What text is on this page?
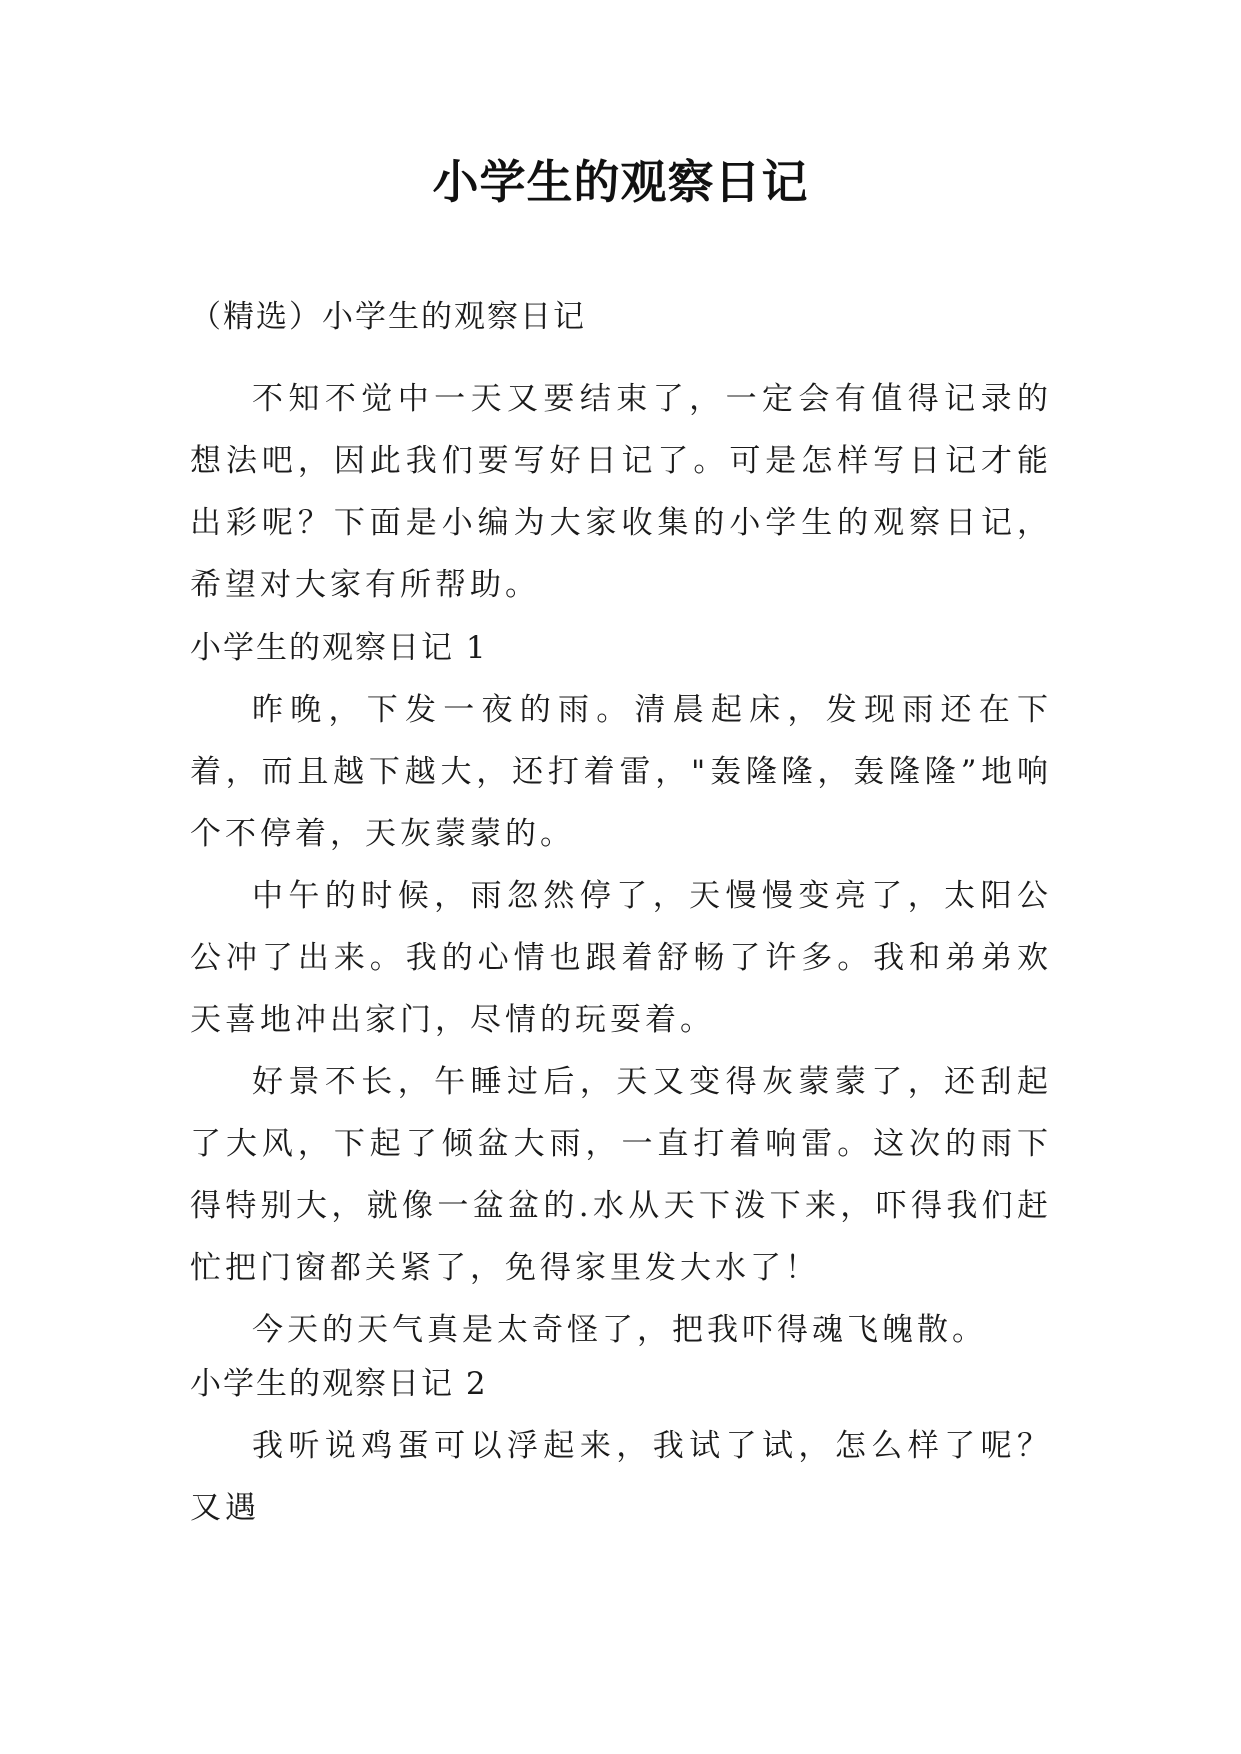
小学生的观察日记
（精选）小学生的观察日记

不知不觉中一天又要结束了，一定会有值得记录的想法吧，因此我们要写好日记了。可是怎样写日记才能出彩呢？下面是小编为大家收集的小学生的观察日记，希望对大家有所帮助。

小学生的观察日记 1

昨晚，下发一夜的雨。清晨起床，发现雨还在下着，而且越下越大，还打着雷，"轰隆隆，轰隆隆”地响个不停着，天灰蒙蒙的。

中午的时候，雨忽然停了，天慢慢变亮了，太阳公公冲了出来。我的心情也跟着舒畅了许多。我和弟弟欢天喜地冲出家门，尽情的玩耍着。

好景不长，午睡过后，天又变得灰蒙蒙了，还刮起了大风，下起了倾盆大雨，一直打着响雷。这次的雨下得特别大，就像一盆盆的.水从天下泼下来，吓得我们赶忙把门窗都关紧了，免得家里发大水了！

今天的天气真是太奇怪了，把我吓得魂飞魄散。

小学生的观察日记 2

我听说鸡蛋可以浮起来，我试了试，怎么样了呢？又遇
